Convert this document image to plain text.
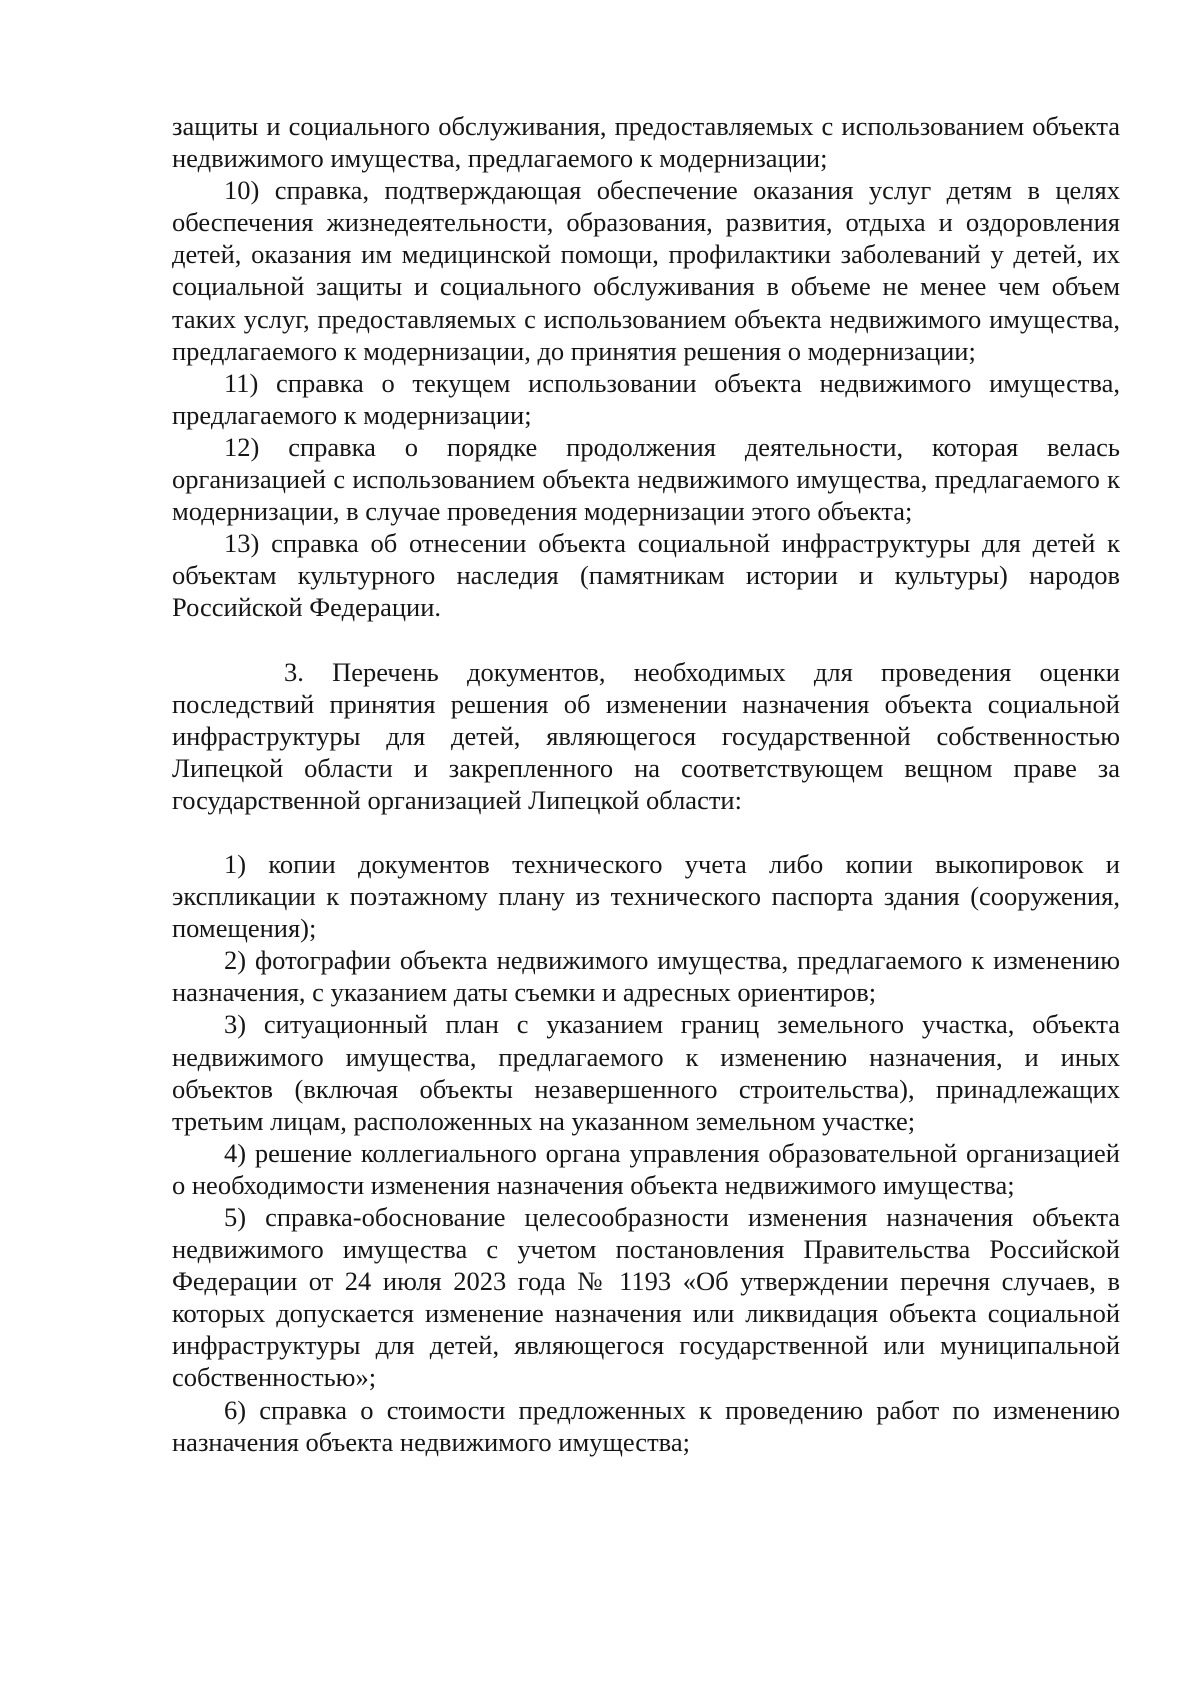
защиты и социального обслуживания, предоставляемых с использованием объекта недвижимого имущества, предлагаемого к модернизации;

10) справка, подтверждающая обеспечение оказания услуг детям в целях обеспечения жизнедеятельности, образования, развития, отдыха и оздоровления детей, оказания им медицинской помощи, профилактики заболеваний у детей, их социальной защиты и социального обслуживания в объеме не менее чем объем таких услуг, предоставляемых с использованием объекта недвижимого имущества, предлагаемого к модернизации, до принятия решения о модернизации;

11) справка о текущем использовании объекта недвижимого имущества, предлагаемого к модернизации;

12) справка о порядке продолжения деятельности, которая велась организацией с использованием объекта недвижимого имущества, предлагаемого к модернизации, в случае проведения модернизации этого объекта;

13) справка об отнесении объекта социальной инфраструктуры для детей к объектам культурного наследия (памятникам истории и культуры) народов Российской Федерации.

3. Перечень документов, необходимых для проведения оценки последствий принятия решения об изменении назначения объекта социальной инфраструктуры для детей, являющегося государственной собственностью Липецкой области и закрепленного на соответствующем вещном праве за государственной организацией Липецкой области:

1) копии документов технического учета либо копии выкопировок и экспликации к поэтажному плану из технического паспорта здания (сооружения, помещения);

2) фотографии объекта недвижимого имущества, предлагаемого к изменению назначения, с указанием даты съемки и адресных ориентиров;

3) ситуационный план с указанием границ земельного участка, объекта недвижимого имущества, предлагаемого к изменению назначения, и иных объектов (включая объекты незавершенного строительства), принадлежащих третьим лицам, расположенных на указанном земельном участке;

4) решение коллегиального органа управления образовательной организацией о необходимости изменения назначения объекта недвижимого имущества;

5) справка-обоснование целесообразности изменения назначения объекта недвижимого имущества с учетом постановления Правительства Российской Федерации от 24 июля 2023 года № 1193 «Об утверждении перечня случаев, в которых допускается изменение назначения или ликвидация объекта социальной инфраструктуры для детей, являющегося государственной или муниципальной собственностью»;

6) справка о стоимости предложенных к проведению работ по изменению назначения объекта недвижимого имущества;
